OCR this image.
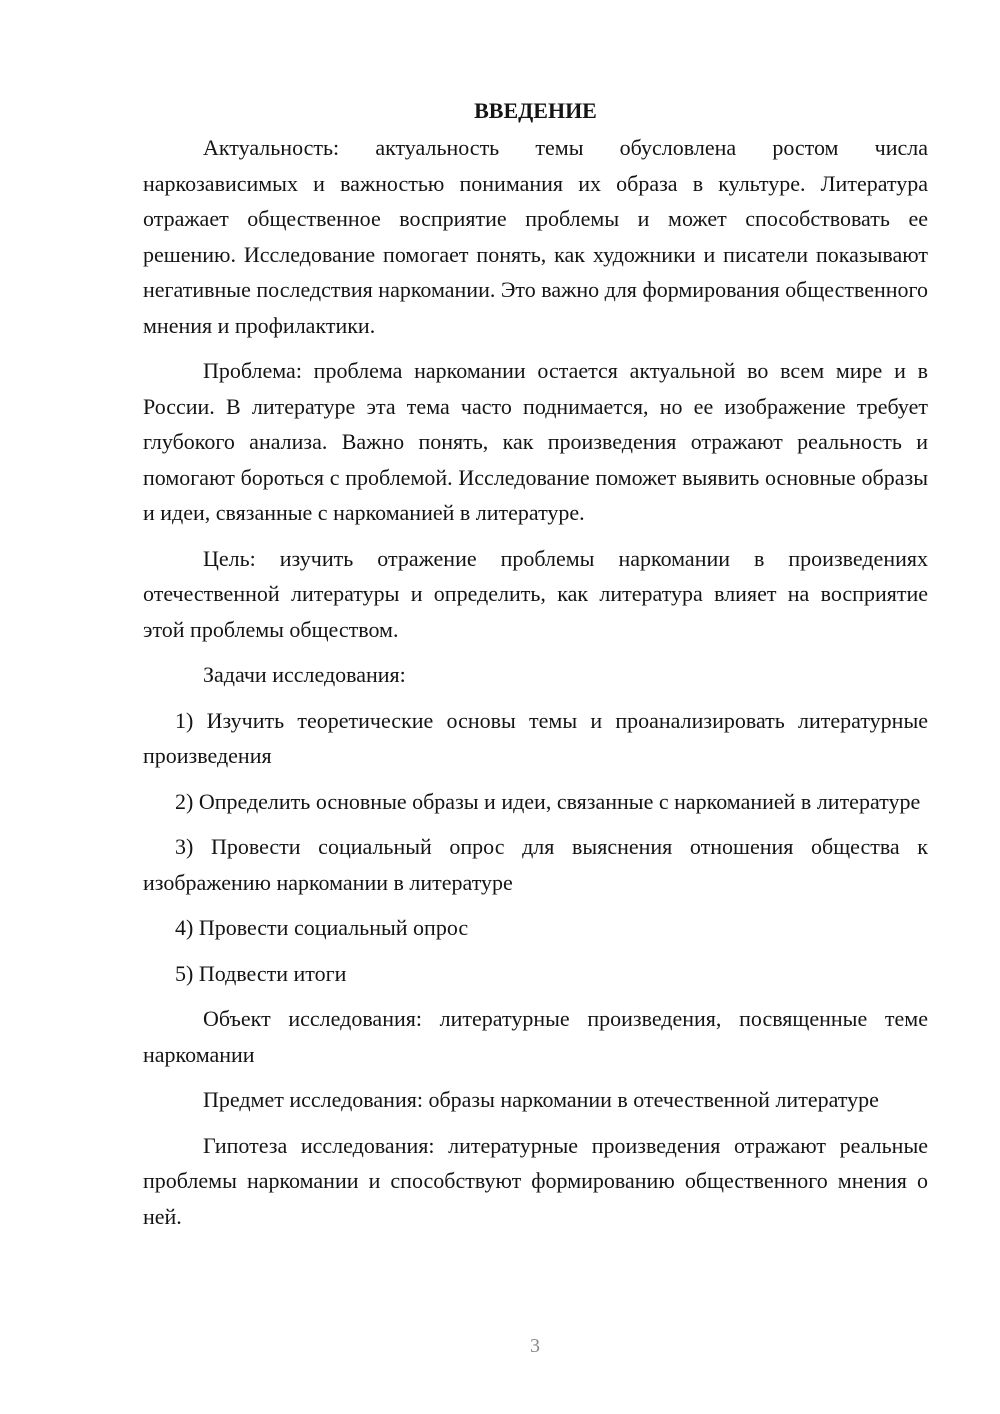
ВВЕДЕНИЕ

Актуальность: актуальность темы обусловлена ростом числа наркозависимых и важностью понимания их образа в культуре. Литература отражает общественное восприятие проблемы и может способствовать ее решению. Исследование помогает понять, как художники и писатели показывают негативные последствия наркомании. Это важно для формирования общественного мнения и профилактики.

Проблема: проблема наркомании остается актуальной во всем мире и в России. В литературе эта тема часто поднимается, но ее изображение требует глубокого анализа. Важно понять, как произведения отражают реальность и помогают бороться с проблемой. Исследование поможет выявить основные образы и идеи, связанные с наркоманией в литературе.

Цель: изучить отражение проблемы наркомании в произведениях отечественной литературы и определить, как литература влияет на восприятие этой проблемы обществом.

Задачи исследования:

1) Изучить теоретические основы темы и проанализировать литературные произведения

2) Определить основные образы и идеи, связанные с наркоманией в литературе

3) Провести социальный опрос для выяснения отношения общества к изображению наркомании в литературе

4) Провести социальный опрос

5) Подвести итоги

Объект исследования: литературные произведения, посвященные теме наркомании

Предмет исследования: образы наркомании в отечественной литературе

Гипотеза исследования: литературные произведения отражают реальные проблемы наркомании и способствуют формированию общественного мнения о ней.

3
